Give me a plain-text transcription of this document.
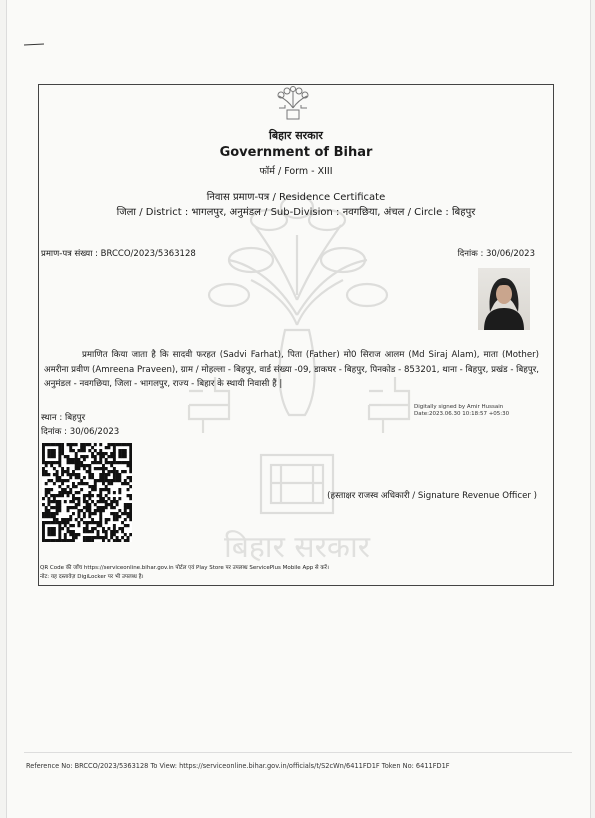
बिहार सरकार
बिहार सरकार
Government of Bihar
फॉर्म / Form - XIII
निवास प्रमाण-पत्र / Residence Certificate
जिला / District : भागलपुर, अनुमंडल / Sub-Division : नवगछिया, अंचल / Circle : बिहपुर
प्रमाण-पत्र संख्या : BRCCO/2023/5363128	दिनांक : 30/06/2023
प्रमाणित किया जाता है कि सादवी फरहत (Sadvi Farhat), पिता (Father) मो0 सिराज आलम (Md Siraj Alam), माता (Mother) अमरीना प्रवीण (Amreena Praveen), ग्राम / मोहल्ला - बिहपुर, वार्ड संख्या -09, डाकघर - बिहपुर, पिनकोड - 853201, थाना - बिहपुर, प्रखंड - बिहपुर, अनुमंडल - नवगछिया, जिला - भागलपुर, राज्य - बिहार के स्थायी निवासी हैं |
स्थान : बिहपुर
दिनांक : 30/06/2023
Digitally signed by Amir Hussain
Date:2023.06.30 10:18:57 +05:30
(हस्ताक्षर राजस्व अधिकारी / Signature Revenue Officer )
QR Code की जाँच https://serviceonline.bihar.gov.in पोर्टल एवं Play Store पर उपलब्ध ServicePlus Mobile App से करें।
नोट: यह दस्तावेज़ DigiLocker पर भी उपलब्ध है।
Reference No: BRCCO/2023/5363128 To View: https://serviceonline.bihar.gov.in/officials/t/S2cWn/6411FD1F Token No: 6411FD1F
